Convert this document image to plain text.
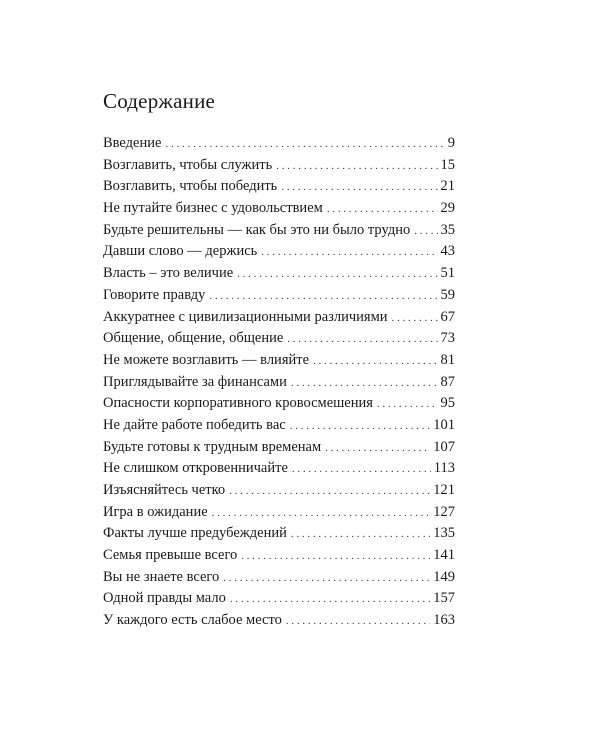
Содержание
Введение . . .	9
Возглавить, чтобы служить . . .	15
Возглавить, чтобы победить . . .	21
Не путайте бизнес с удовольствием . . .	29
Будьте решительны — как бы это ни было трудно . . . 35
Давши слово — держись . . .	43
Власть – это величие . . .	51
Говорите правду . . .	59
Аккуратнее с цивилизационными различиями . . .	67
Общение, общение, общение . . .	73
Не можете возглавить — влияйте . . .	81
Приглядывайте за финансами . . .	87
Опасности корпоративного кровосмешения . . .	95
Не дайте работе победить вас . . .	101
Будьте готовы к трудным временам . . .	107
Не слишком откровенничайте . . .	113
Изъясняйтесь четко . . .	121
Игра в ожидание . . .	127
Факты лучше предубеждений . . .	135
Семья превыше всего . . .	141
Вы не знаете всего . . .	149
Одной правды мало . . .	157
У каждого есть слабое место . . .	163
